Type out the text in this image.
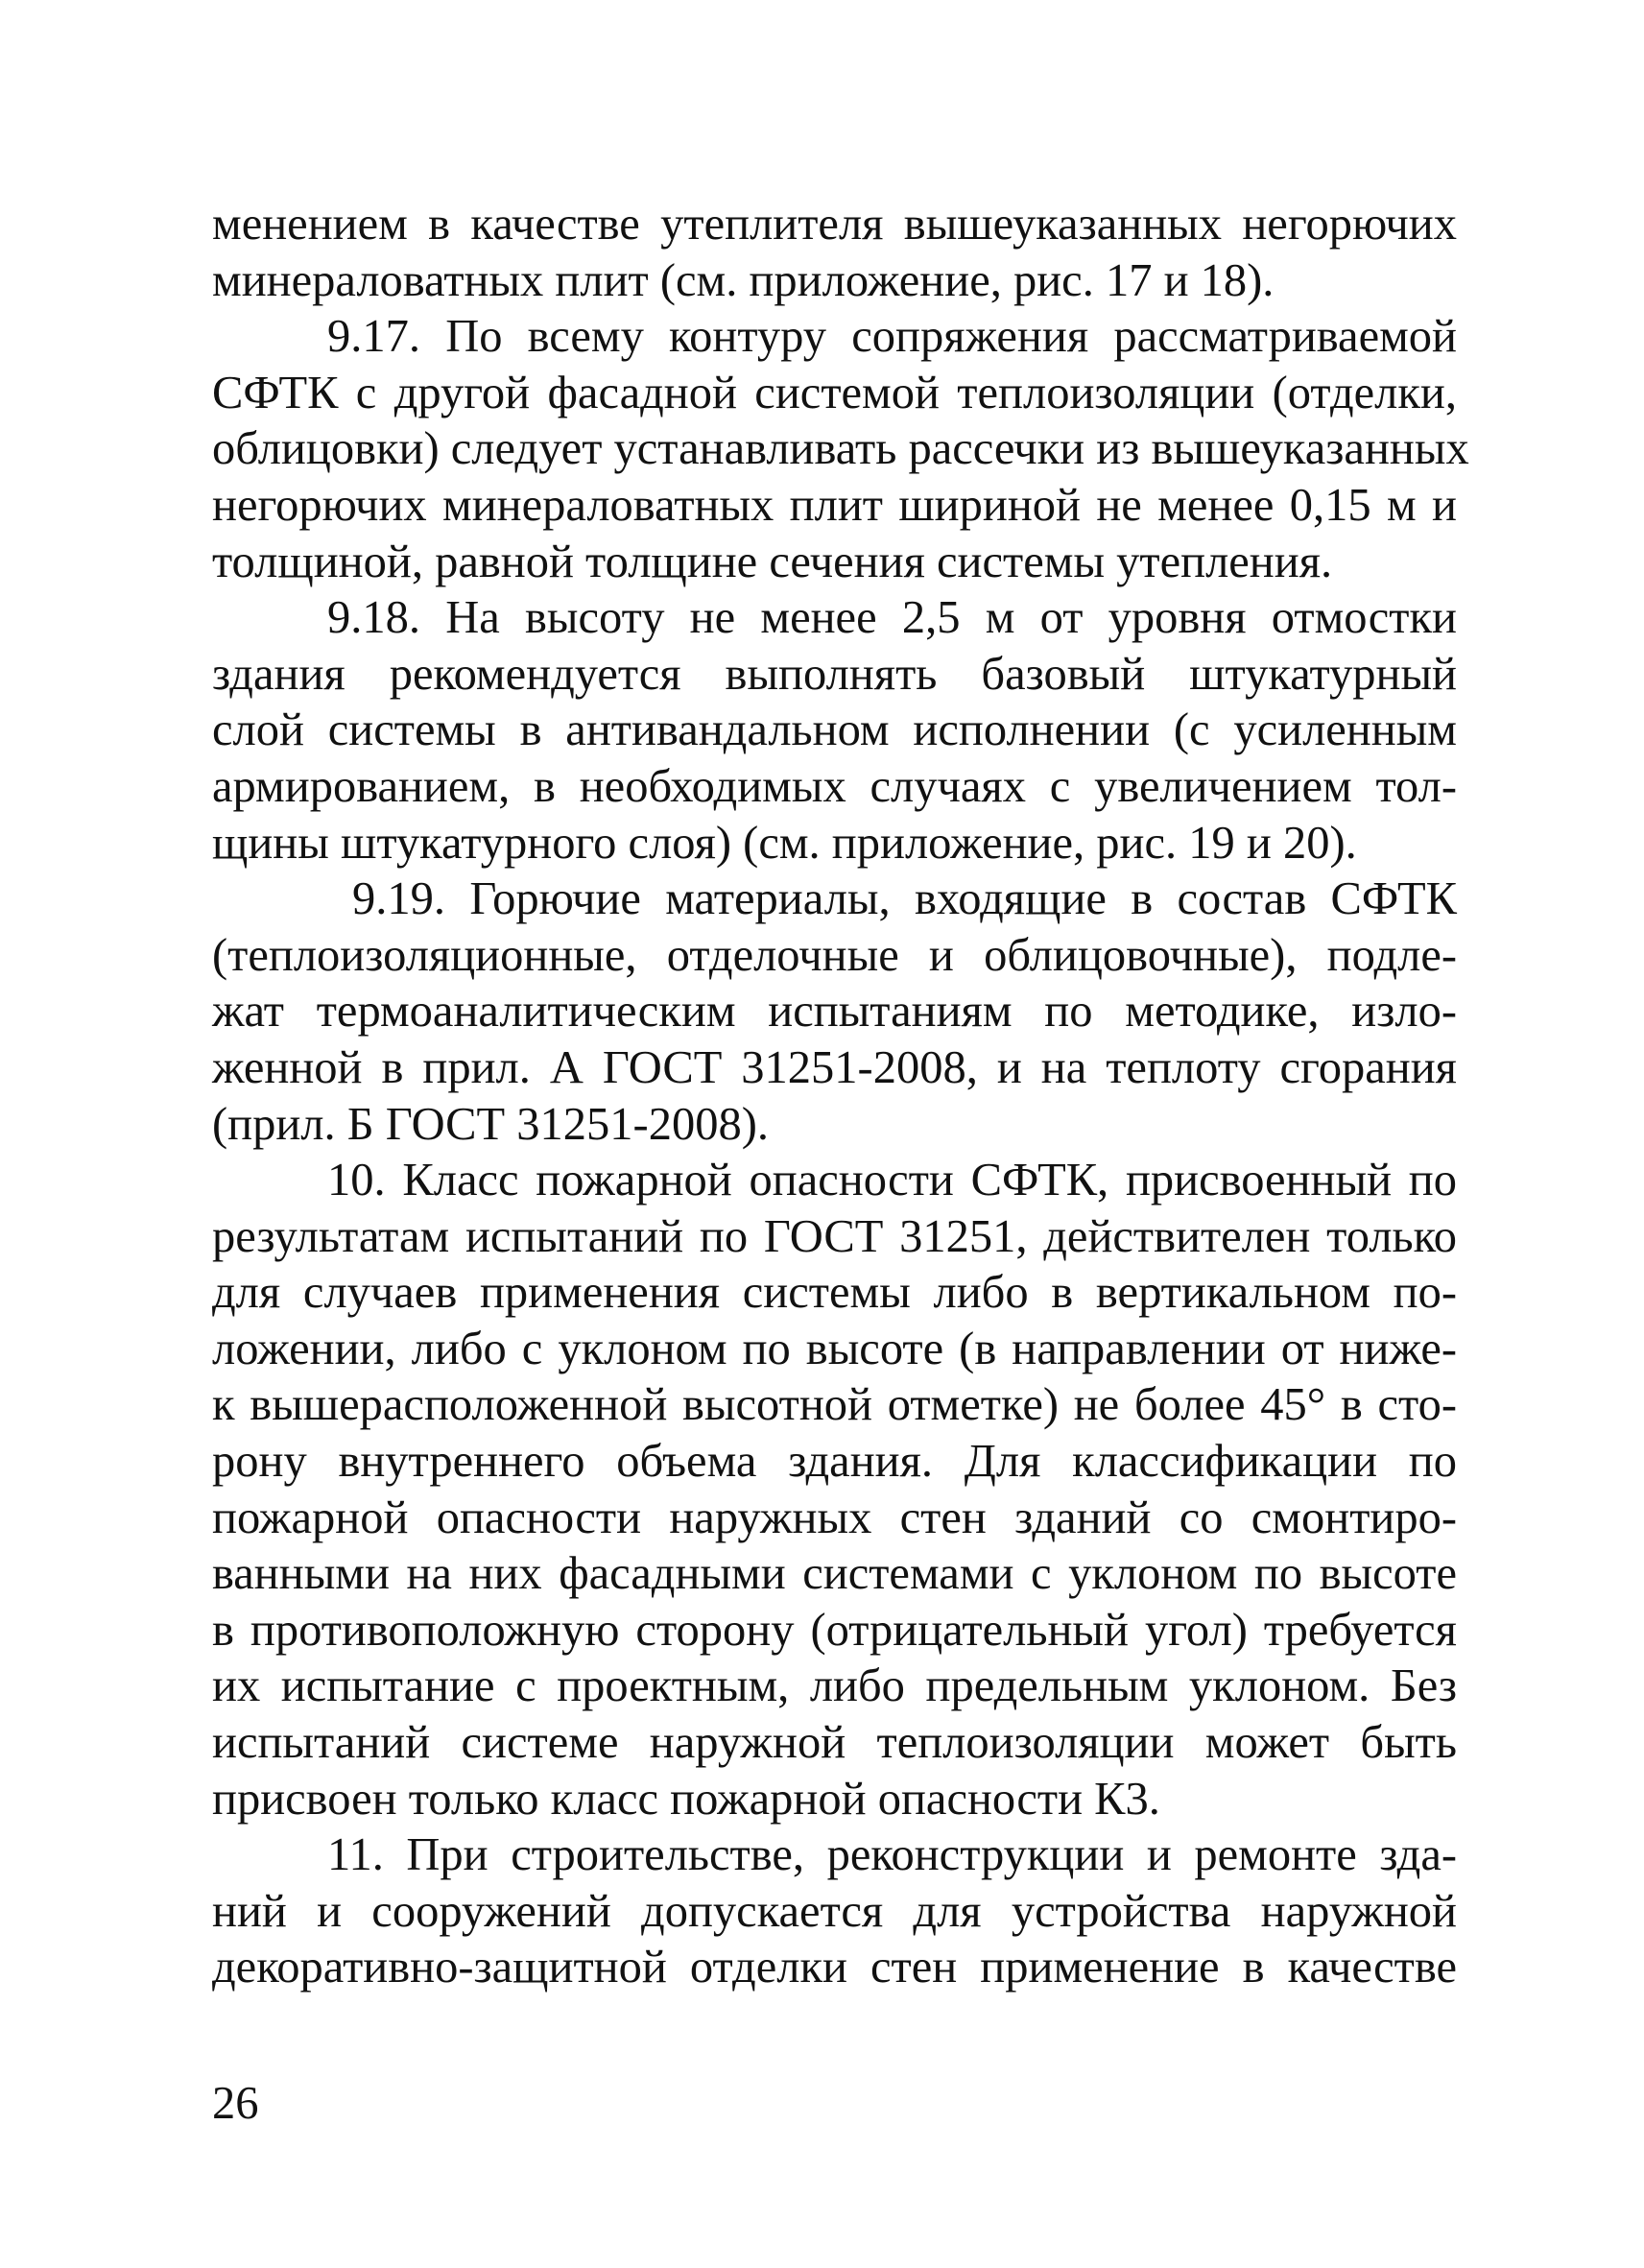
менением в качестве утеплителя вышеуказанных негорючих
минераловатных плит (см. приложение, рис. 17 и 18).
9.17. По всему контуру сопряжения рассматриваемой
СФТК с другой фасадной системой теплоизоляции (отделки,
облицовки) следует устанавливать рассечки из вышеуказанных
негорючих минераловатных плит шириной не менее 0,15 м и
толщиной, равной толщине сечения системы утепления.
9.18. На высоту не менее 2,5 м от уровня отмостки
здания рекомендуется выполнять базовый штукатурный
слой системы в антивандальном исполнении (с усиленным
армированием, в необходимых случаях с увеличением тол-
щины штукатурного слоя) (см. приложение, рис. 19 и 20).
9.19. Горючие материалы, входящие в состав СФТК
(теплоизоляционные, отделочные и облицовочные), подле-
жат термоаналитическим испытаниям по методике, изло-
женной в прил. А ГОСТ 31251-2008, и на теплоту сгорания
(прил. Б ГОСТ 31251-2008).
10. Класс пожарной опасности СФТК, присвоенный по
результатам испытаний по ГОСТ 31251, действителен только
для случаев применения системы либо в вертикальном по-
ложении, либо с уклоном по высоте (в направлении от ниже-
к вышерасположенной высотной отметке) не более 45° в сто-
рону внутреннего объема здания. Для классификации по
пожарной опасности наружных стен зданий со смонтиро-
ванными на них фасадными системами с уклоном по высоте
в противоположную сторону (отрицательный угол) требуется
их испытание с проектным, либо предельным уклоном. Без
испытаний системе наружной теплоизоляции может быть
присвоен только класс пожарной опасности К3.
11. При строительстве, реконструкции и ремонте зда-
ний и сооружений допускается для устройства наружной
декоративно-защитной отделки стен применение в качестве
26
